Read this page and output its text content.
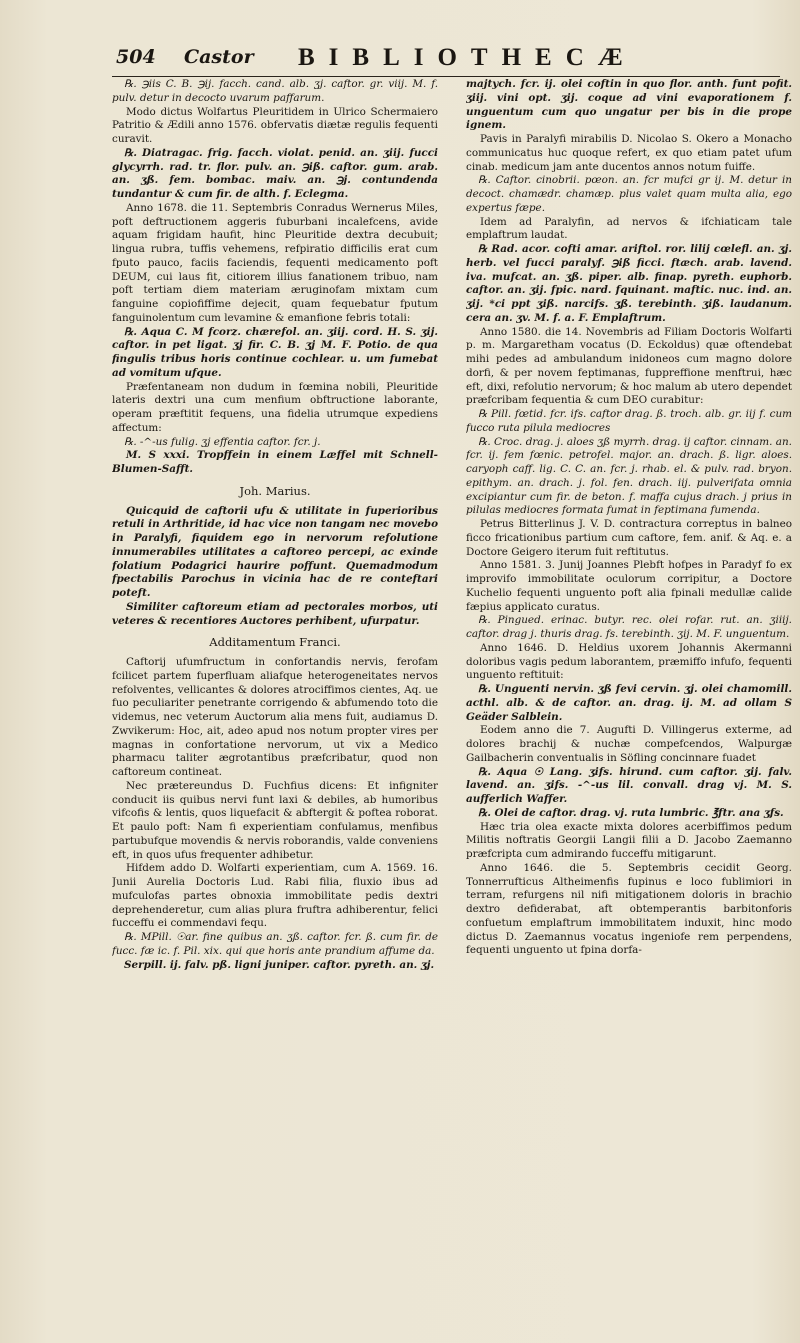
504 Castor BIBLIOTHECÆ

℞. ℈iis C. B. ℈ij. facch. cand. alb. ʒj. caftor. gr. viij. M. f. pulv. detur in decocto uvarum paffarum.

Modo dictus Wolfartus Pleuritidem in Ulrico Schermaiero Patritio & Ædili anno 1576. obfervatis diætæ regulis fequenti curavit.

℞. Diatragac. frig. facch. violat. penid. an. ʒiij. fucci glycyrrh. rad. tr. flor. pulv. an. ℈iß. caftor. gum. arab. an. ʒß. fem. bombac. maiv. an. ℈j. contundenda tundantur & cum fir. de alth. f. Eclegma.

Anno 1678. die 11. Septembris Conradus Wernerus Miles, poft deftructionem aggeris fuburbani incalefcens, avide aquam frigidam haufit, hinc Pleuritide dextra decubuit; lingua rubra, tuffis vehemens, refpiratio difficilis erat cum fputo pauco, faciis faciendis, fequenti medicamento poft DEUM, cui laus fit, citiorem illius fanationem tribuo, nam poft tertiam diem materiam æruginofam mixtam cum fanguine copiofiffime dejecit, quam fequebatur fputum fanguinolentum cum levamine & emanfione febris totali:

℞. Aqua C. M fcorz. chærefol. an. ʒiij. cord. H. S. ʒij. caftor. in pet ligat. ʒj fir. C. B. ʒj M. F. Potio. de qua fingulis tribus horis continue cochlear. u. um fumebat ad vomitum ufque.

Præfentaneam non dudum in fœmina nobili, Pleuritide lateris dextri una cum menfium obftructione laborante, operam præftitit fequens, una fidelia utrumque expediens affectum:

℞. -^-us fulig. ʒj effentia caftor. fcr. j.

M. S xxxi. Tropffein in einem Læffel mit Schnell-Blumen-Safft.

Joh. Marius.

Quicquid de caftorii ufu & utilitate in fuperioribus retuli in Arthritide, id hac vice non tangam nec movebo in Paralyfi, fiquidem ego in nervorum refolutione innumerabiles utilitates a caftoreo percepi, ac exinde folatium Podagrici haurire poffunt. Quemadmodum fpectabilis Parochus in vicinia hac de re conteftari poteft.

Similiter caftoreum etiam ad pectorales morbos, uti veteres & recentiores Auctores perhibent, ufurpatur.

Additamentum Franci.

Caftorij ufumfructum in confortandis nervis, ferofam fcilicet partem fuperfluam aliafque heterogeneitates nervos refolventes, vellicantes & dolores atrociffimos cientes, Aq. ue fuo peculiariter penetrante corrigendo & abfumendo toto die videmus, nec veterum Auctorum alia mens fuit, audiamus D. Zwvikerum: Hoc, ait, adeo apud nos notum propter vires per magnas in confortatione nervorum, ut vix a Medico pharmacu taliter ægrotantibus præfcribatur, quod non caftoreum contineat.

Nec prætereundus D. Fuchfius dicens: Et infigniter conducit iis quibus nervi funt laxi & debiles, ab humoribus vifcofis & lentis, quos liquefacit & abftergit & poftea roborat. Et paulo poft: Nam fi experientiam confulamus, menfibus partubufque movendis & nervis roborandis, valde conveniens eft, in quos ufus frequenter adhibetur.

Hifdem addo D. Wolfarti experientiam, cum A. 1569. 16. Junii Aurelia Doctoris Lud. Rabi filia, fluxio ibus ad mufculofas partes obnoxia immobilitate pedis dextri deprehenderetur, cum alias plura fruftra adhiberentur, felici fucceffu ei commendavi fequ.

℞. MPill. ☉ar. fine quibus an. ʒß. caftor. fcr. ß. cum fir. de fucc. fæ ic. f. Pil. xix. qui que horis ante prandium affume da.

Serpill. ij. falv. pß. ligni juniper. caftor. pyreth. an. ʒj.

majtych. fcr. ij. olei coftin in quo flor. anth. funt pofit. ʒiij. vini opt. ʒij. coque ad vini evaporationem f. unguentum cum quo ungatur per bis in die prope ignem.

Pavis in Paralyfi mirabilis D. Nicolao S. Okero a Monacho communicatus huc quoque refert, ex quo etiam patet ufum cinab. medicum jam ante ducentos annos notum fuiffe.

℞. Caftor. cinobrii. pœon. an. fcr mufci gr ij. M. detur in decoct. chamædr. chamæp. plus valet quam multa alia, ego expertus fæpe.

Idem ad Paralyfin, ad nervos & ifchiaticam tale emplaftrum laudat.

℞ Rad. acor. cofti amar. ariftol. ror. lilij cœlefl. an. ʒj. herb. vel fucci paralyf. ℈iß ficci. ftæch. arab. lavend. iva. mufcat. an. ʒß. piper. alb. finap. pyreth. euphorb. caftor. an. ʒij. fpic. nard. fquinant. maftic. nuc. ind. an. ʒij. *ci ppt ʒiß. narcifs. ʒß. terebinth. ʒiß. laudanum. cera an. ʒv. M. f. a. F. Emplaftrum.

Anno 1580. die 14. Novembris ad Filiam Doctoris Wolfarti p. m. Margaretham vocatus (D. Eckoldus) quæ oftendebat mihi pedes ad ambulandum inidoneos cum magno dolore dorfi, & per novem feptimanas, fuppreffione menftrui, hæc eft, dixi, refolutio nervorum; & hoc malum ab utero dependet præfcribam fequentia & cum DEO curabitur:

℞ Pill. fœtid. fcr. ifs. caftor drag. ß. troch. alb. gr. iij f. cum fucco ruta pilula mediocres

℞. Croc. drag. j. aloes ʒß myrrh. drag. ij caftor. cinnam. an. fcr. ij. fem fœnic. petrofel. major. an. drach. ß. ligr. aloes. caryoph caff. lig. C. C. an. fcr. j. rhab. el. & pulv. rad. bryon. epithym. an. drach. j. fol. fen. drach. iij. pulverifata omnia excipiantur cum fir. de beton. f. maffa cujus drach. j prius in pilulas mediocres formata fumat in feptimana fumenda.

Petrus Bitterlinus J. V. D. contractura correptus in balneo ficco fricationibus partium cum caftore, fem. anif. & Aq. e. a Doctore Geigero iterum fuit reftitutus.

Anno 1581. 3. Junij Joannes Plebft hofpes in Paradyf fo ex improvifo immobilitate oculorum corripitur, a Doctore Kuchelio fequenti unguento poft alia fpinali medullæ calide fæpius applicato curatus.

℞. Pingued. erinac. butyr. rec. olei rofar. rut. an. ʒiiij. caftor. drag j. thuris drag. fs. terebinth. ʒij. M. F. unguentum.

Anno 1646. D. Heldius uxorem Johannis Akermanni doloribus vagis pedum laborantem, præmiffo infufo, fequenti unguento reftituit:

℞. Unguenti nervin. ʒß fevi cervin. ʒj. olei chamomill. acthl. alb. & de caftor. an. drag. ij. M. ad ollam S Geäder Salblein.

Eodem anno die 7. Augufti D. Villingerus exterme, ad dolores brachij & nuchæ compefcendos, Walpurgæ Gailbacherin conventualis in Söfling concinnare fuadet

℞. Aqua ☉ Lang. ʒifs. hirund. cum caftor. ʒij. falv. lavend. an. ʒifs. -^-us lil. convall. drag vj. M. S. aufferlich Waffer.

℞. Olei de caftor. drag. vj. ruta lumbric. ℥ftr. ana ʒfs.

Hæc tria olea exacte mixta dolores acerbiffimos pedum Militis noftratis Georgii Langii filii a D. Jacobo Zaemanno præfcripta cum admirando fucceffu mitigarunt.

Anno 1646. die 5. Septembris cecidit Georg. Tonnerrufticus Altheimenfis fupinus e loco fublimiori in terram, refurgens nil nifi mitigationem doloris in brachio dextro defiderabat, aft obtemperantis barbitonforis confuetum emplaftrum immobilitatem induxit, hinc modo dictus D. Zaemannus vocatus ingeniofe rem perpendens, fequenti unguento ut fpina dorfa-
